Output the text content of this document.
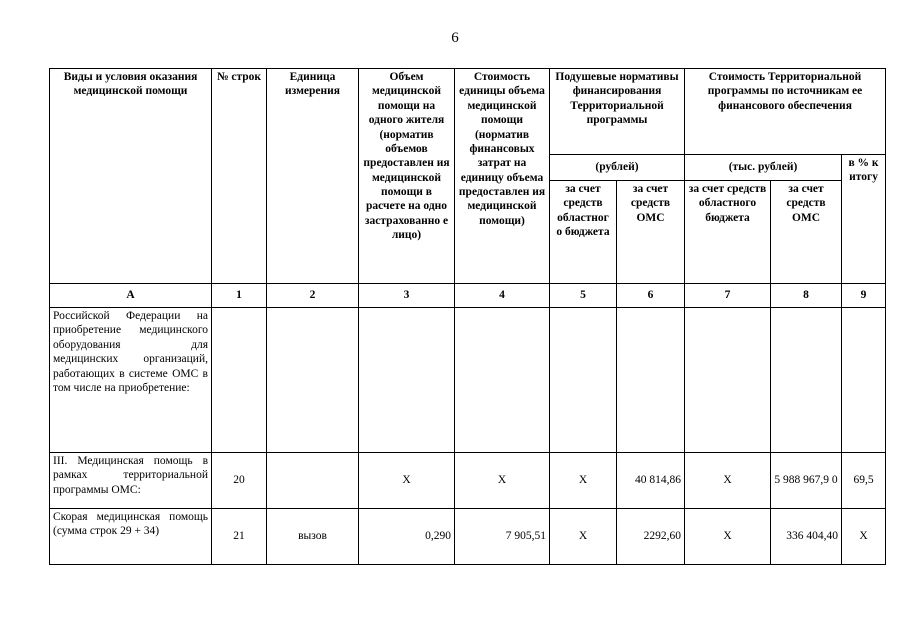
6
Виды и условия оказания медицинской помощи	№ строк	Единица измерения	Объем медицинской помощи на одного жителя (норматив объемов предоставлен ия медицинской помощи в расчете на одно застрахованно е лицо)	Стоимость единицы объема медицинской помощи (норматив финансовых затрат на единицу объема предоставлен ия медицинской помощи)	Подушевые нормативы финансирования Территориальной программы		Стоимость Территориальной программы по источникам ее финансового обеспечения		
					(рублей)		(тыс. рублей)		в % к итогу
					за счет средств областног о бюджета	за счет средств ОМС	за счет средств областного бюджета	за счет средств ОМС	
А	1	2	3	4	5	6	7	8	9
Российской Федерации на приобретение медицинского оборудования для медицинских организаций, работающих в системе ОМС в том числе на приобретение:									
III. Медицинская помощь в рамках территориальной программы ОМС:	20		Х	Х	Х	40 814,86	Х	5 988 967,9 0	69,5
Скорая медицинская помощь (сумма строк 29 + 34)	21	вызов	0,290	7 905,51	Х	2292,60	Х	336 404,40	Х
